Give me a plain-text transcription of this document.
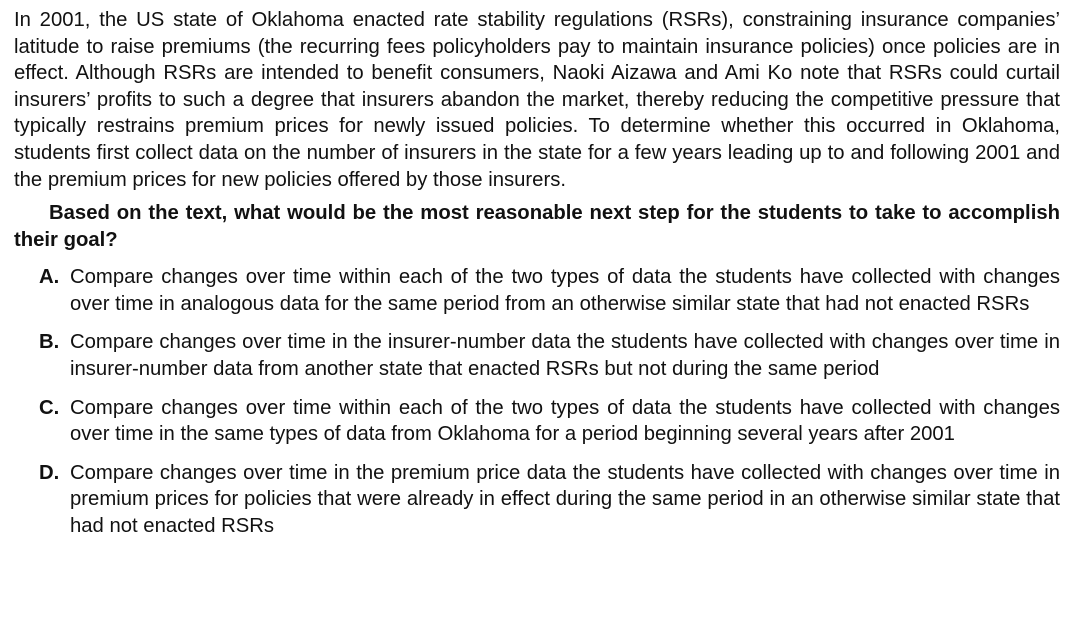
In 2001, the US state of Oklahoma enacted rate stability regulations (RSRs), constraining insurance companies’ latitude to raise premiums (the recurring fees policyholders pay to maintain insurance policies) once policies are in effect. Although RSRs are intended to benefit consumers, Naoki Aizawa and Ami Ko note that RSRs could curtail insurers’ profits to such a degree that insurers abandon the market, thereby reducing the competitive pressure that typically restrains premium prices for newly issued policies. To determine whether this occurred in Oklahoma, students first collect data on the number of insurers in the state for a few years leading up to and following 2001 and the premium prices for new policies offered by those insurers.

Based on the text, what would be the most reasonable next step for the students to take to accomplish their goal?

A. Compare changes over time within each of the two types of data the students have collected with changes over time in analogous data for the same period from an otherwise similar state that had not enacted RSRs
B. Compare changes over time in the insurer-number data the students have collected with changes over time in insurer-number data from another state that enacted RSRs but not during the same period
C. Compare changes over time within each of the two types of data the students have collected with changes over time in the same types of data from Oklahoma for a period beginning several years after 2001
D. Compare changes over time in the premium price data the students have collected with changes over time in premium prices for policies that were already in effect during the same period in an otherwise similar state that had not enacted RSRs
